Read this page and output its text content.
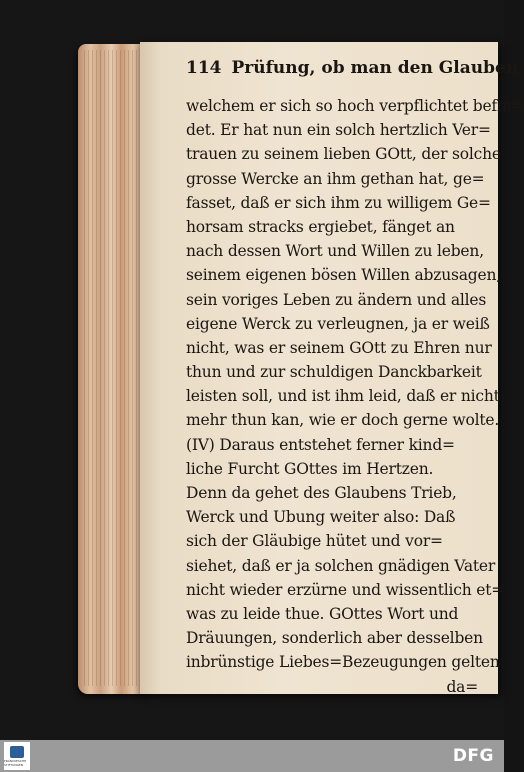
114 Prüfung, ob man den Glauben
welchem er sich so hoch verpflichtet befin=
det. Er hat nun ein solch hertzlich Ver=
trauen zu seinem lieben GOtt, der solche
grosse Wercke an ihm gethan hat, ge=
fasset, daß er sich ihm zu willigem Ge=
horsam stracks ergiebet, fänget an
nach dessen Wort und Willen zu leben,
seinem eigenen bösen Willen abzusagen,
sein voriges Leben zu ändern und alles
eigene Werck zu verleugnen, ja er weiß
nicht, was er seinem GOtt zu Ehren nur
thun und zur schuldigen Danckbarkeit
leisten soll, und ist ihm leid, daß er nicht
mehr thun kan, wie er doch gerne wolte.
(IV) Daraus entstehet ferner kind=
liche Furcht GOttes im Hertzen.
Denn da gehet des Glaubens Trieb,
Werck und Ubung weiter also: Daß
sich der Gläubige hütet und vor=
siehet, daß er ja solchen gnädigen Vater
nicht wieder erzürne und wissentlich et=
was zu leide thue. GOttes Wort und
Dräuungen, sonderlich aber desselben
inbrünstige Liebes=Bezeugungen gelten
da=
FRANCKESCHE STIFTUNGEN	DFG
